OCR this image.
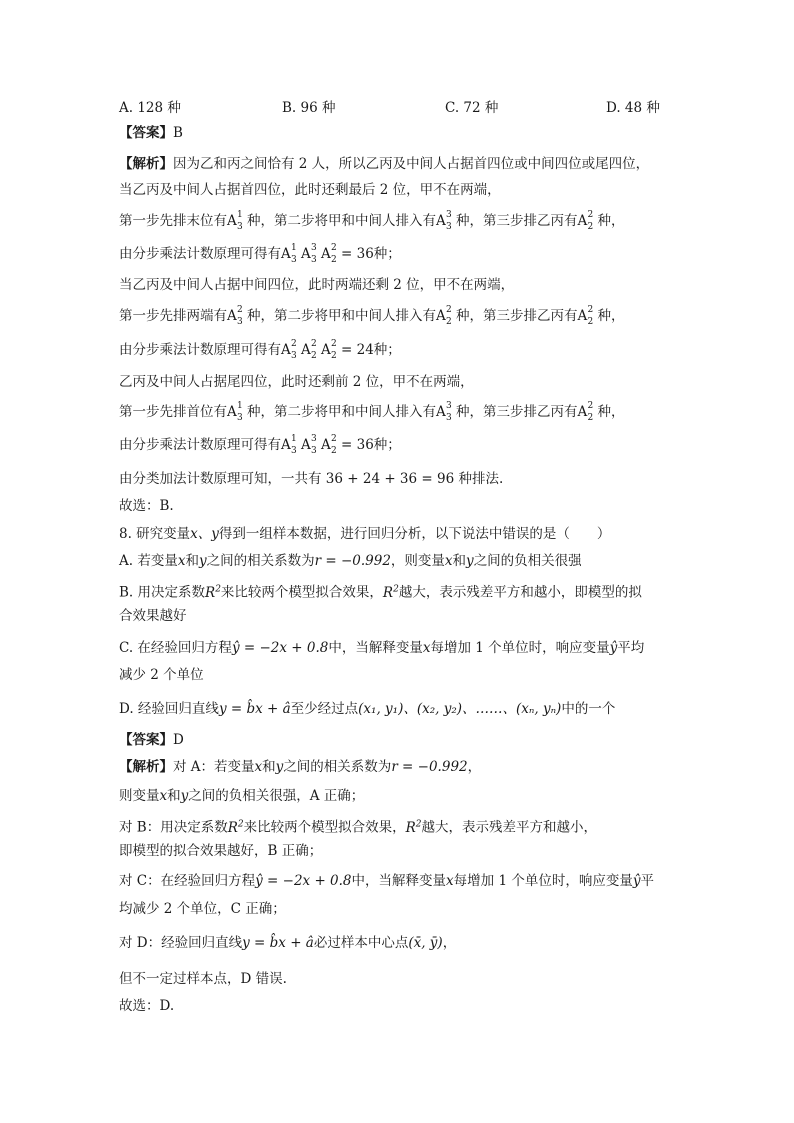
A. 128 种	B. 96 种	C. 72 种	D. 48 种
【答案】B
【解析】因为乙和丙之间恰有 2 人，所以乙丙及中间人占据首四位或中间四位或尾四位，
当乙丙及中间人占据首四位，此时还剩最后 2 位，甲不在两端，
第一步先排末位有 A 1
3 种，第二步将甲和中间人排入有 A 3
3 种，第三步排乙丙有 A 2
2 种，
由分步乘法计数原理可得有 A 1
3 A 3
3 A 2
2 = 36种；
当乙丙及中间人占据中间四位，此时两端还剩 2 位，甲不在两端，
第一步先排两端有 A 2
3 种，第二步将甲和中间人排入有 A 2
2 种，第三步排乙丙有 A 2
2 种，
由分步乘法计数原理可得有 A 2
3 A 2
2 A 2
2 = 24种；
乙丙及中间人占据尾四位，此时还剩前 2 位，甲不在两端，
第一步先排首位有 A 1
3 种，第二步将甲和中间人排入有 A 3
3 种，第三步排乙丙有 A 2
2 种，
由分步乘法计数原理可得有 A 1
3 A 3
3 A 2
2 = 36种；
由分类加法计数原理可知，一共有 36 + 24 + 36 = 96 种排法.
故选：B.
8. 研究变量x、y得到一组样本数据，进行回归分析，以下说法中错误的是（　　）
A. 若变量x和y之间的相关系数为r = −0.992，则变量x和y之间的负相关很强
B. 用决定系数$R^2$来比较两个模型拟合效果，$R^2$越大，表示残差平方和越小，即模型的拟
合效果越好
C. 在经验回归方程ŷ = −2x + 0.8中，当解释变量x每增加 1 个单位时，响应变量ŷ平均
减少 2 个单位
D. 经验回归直线y = b̂x + â至少经过点(x₁, y₁)、(x₂, y₂)、……、(xₙ, yₙ)中的一个
【答案】D
【解析】对 A：若变量x和y之间的相关系数为r = −0.992，
则变量x和y之间的负相关很强，A 正确；
对 B：用决定系数$R^2$来比较两个模型拟合效果，$R^2$越大，表示残差平方和越小，
即模型的拟合效果越好，B 正确；
对 C：在经验回归方程ŷ = −2x + 0.8中，当解释变量x每增加 1 个单位时，响应变量ŷ平
均减少 2 个单位，C 正确；
对 D：经验回归直线y = b̂x + â必过样本中心点(x̄, ȳ)，
但不一定过样本点，D 错误.
故选：D.
